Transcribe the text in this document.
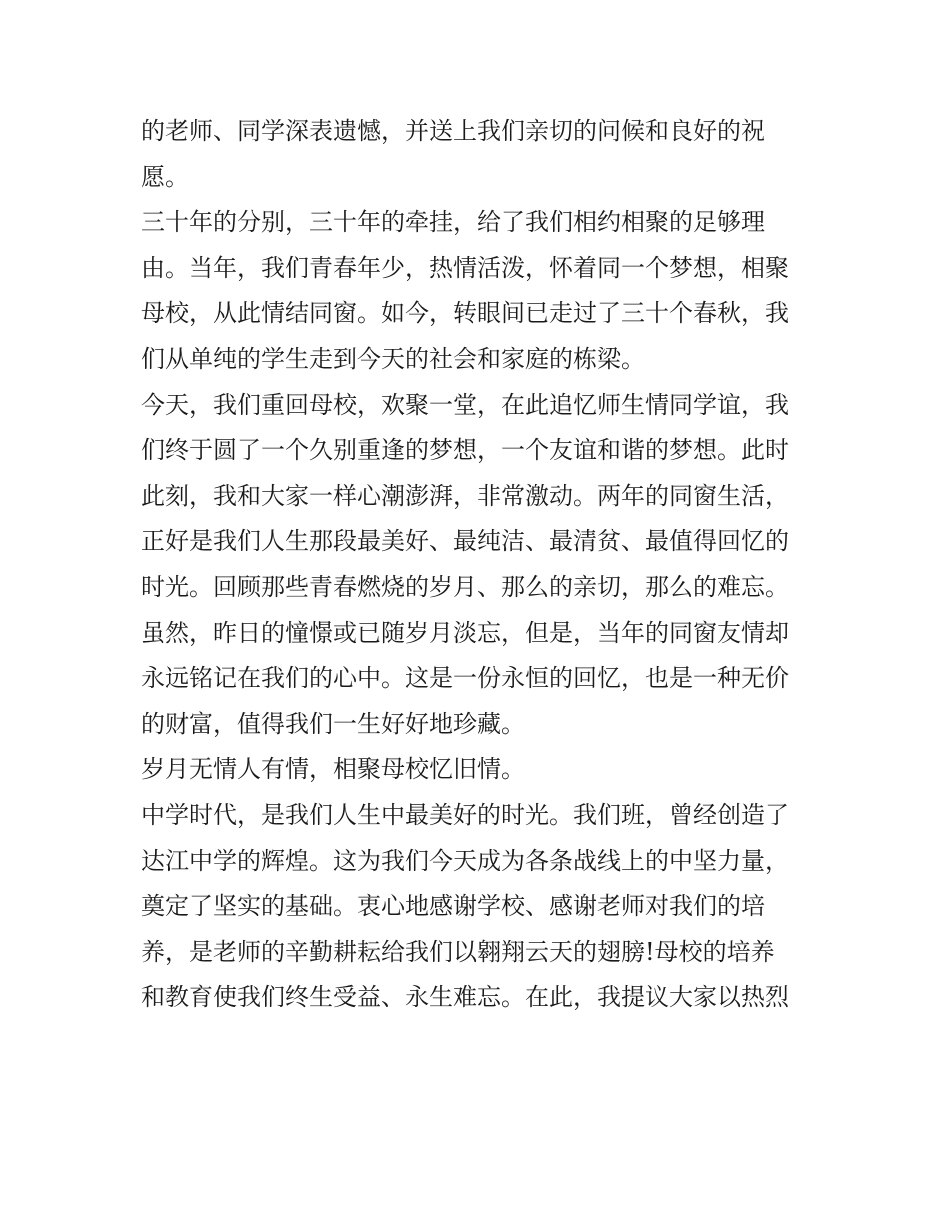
的老师、同学深表遗憾，并送上我们亲切的问候和良好的祝
愿。
三十年的分别，三十年的牵挂，给了我们相约相聚的足够理
由。当年，我们青春年少，热情活泼，怀着同一个梦想，相聚
母校，从此情结同窗。如今，转眼间已走过了三十个春秋，我
们从单纯的学生走到今天的社会和家庭的栋梁。
今天，我们重回母校，欢聚一堂，在此追忆师生情同学谊，我
们终于圆了一个久别重逢的梦想，一个友谊和谐的梦想。此时
此刻，我和大家一样心潮澎湃，非常激动。两年的同窗生活，
正好是我们人生那段最美好、最纯洁、最清贫、最值得回忆的
时光。回顾那些青春燃烧的岁月、那么的亲切，那么的难忘。
虽然，昨日的憧憬或已随岁月淡忘，但是，当年的同窗友情却
永远铭记在我们的心中。这是一份永恒的回忆，也是一种无价
的财富，值得我们一生好好地珍藏。
岁月无情人有情，相聚母校忆旧情。
中学时代，是我们人生中最美好的时光。我们班，曾经创造了
达江中学的辉煌。这为我们今天成为各条战线上的中坚力量，
奠定了坚实的基础。衷心地感谢学校、感谢老师对我们的培
养，是老师的辛勤耕耘给我们以翱翔云天的翅膀!母校的培养
和教育使我们终生受益、永生难忘。在此，我提议大家以热烈
